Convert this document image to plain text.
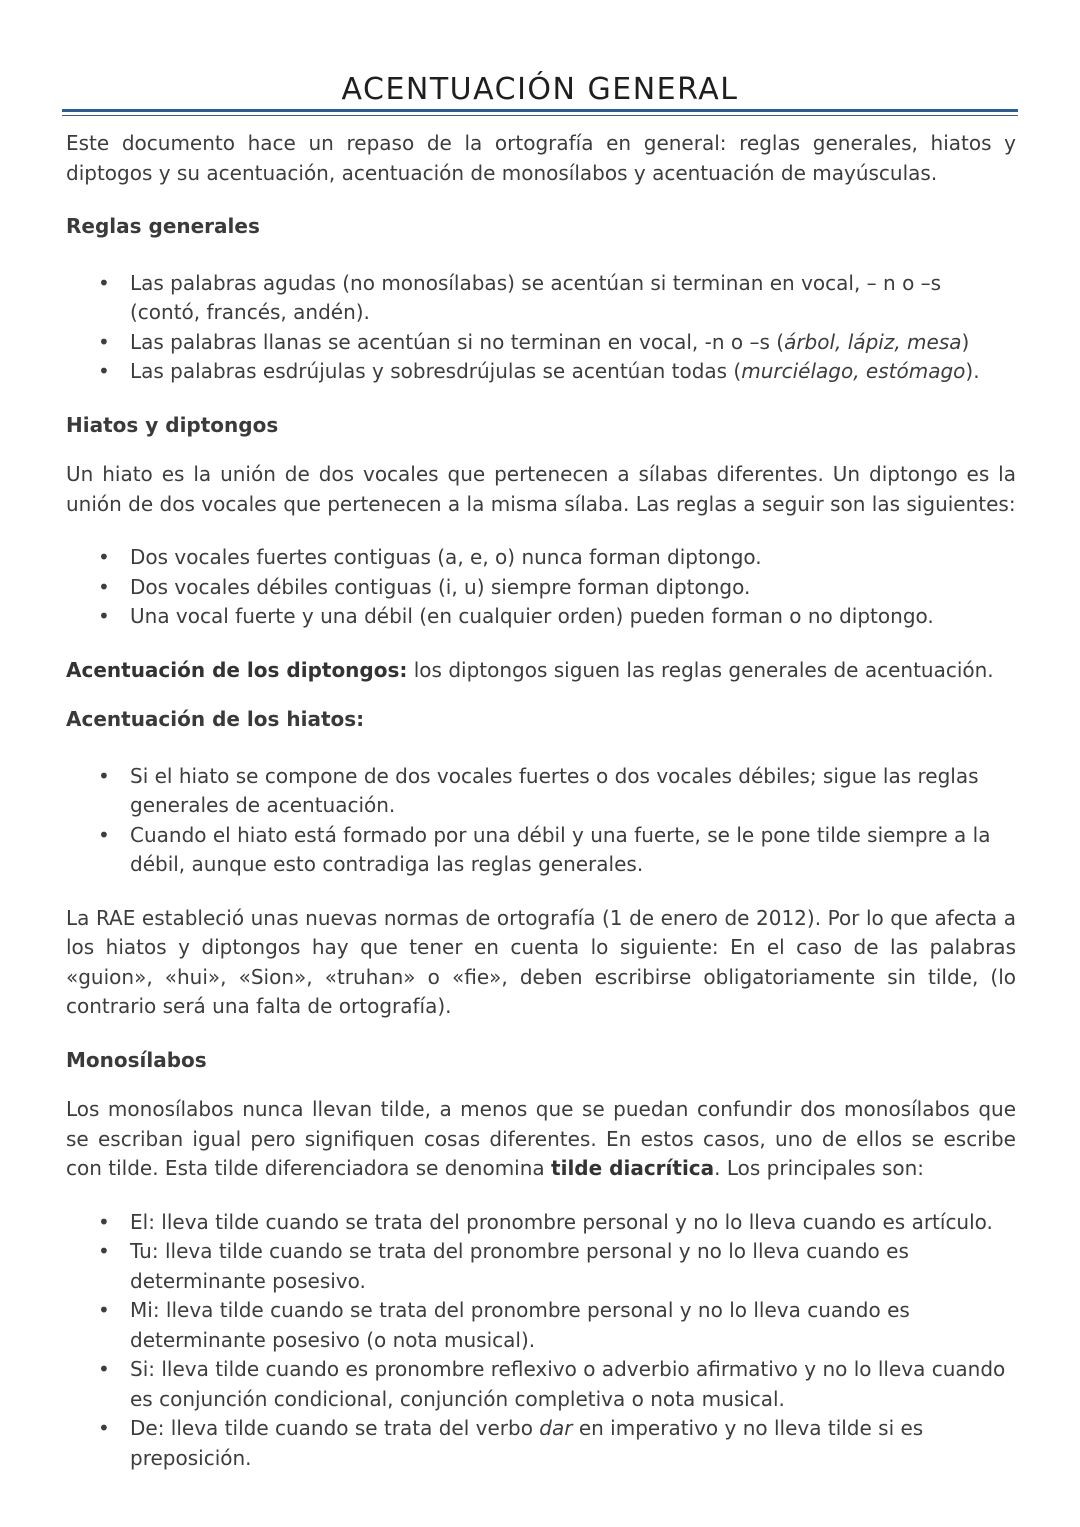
ACENTUACIÓN GENERAL

Este documento hace un repaso de la ortografía en general: reglas generales, hiatos y diptogos y su acentuación, acentuación de monosílabos y acentuación de mayúsculas.

Reglas generales

• Las palabras agudas (no monosílabas) se acentúan si terminan en vocal, – n o –s (contó, francés, andén).
• Las palabras llanas se acentúan si no terminan en vocal, -n o –s (árbol, lápiz, mesa)
• Las palabras esdrújulas y sobresdrújulas se acentúan todas (murciélago, estómago).

Hiatos y diptongos

Un hiato es la unión de dos vocales que pertenecen a sílabas diferentes. Un diptongo es la unión de dos vocales que pertenecen a la misma sílaba. Las reglas a seguir son las siguientes:

• Dos vocales fuertes contiguas (a, e, o) nunca forman diptongo.
• Dos vocales débiles contiguas (i, u) siempre forman diptongo.
• Una vocal fuerte y una débil (en cualquier orden) pueden forman o no diptongo.

Acentuación de los diptongos: los diptongos siguen las reglas generales de acentuación.

Acentuación de los hiatos:

• Si el hiato se compone de dos vocales fuertes o dos vocales débiles; sigue las reglas generales de acentuación.
• Cuando el hiato está formado por una débil y una fuerte, se le pone tilde siempre a la débil, aunque esto contradiga las reglas generales.

La RAE estableció unas nuevas normas de ortografía (1 de enero de 2012). Por lo que afecta a los hiatos y diptongos hay que tener en cuenta lo siguiente: En el caso de las palabras «guion», «hui», «Sion», «truhan» o «fie», deben escribirse obligatoriamente sin tilde, (lo contrario será una falta de ortografía).

Monosílabos

Los monosílabos nunca llevan tilde, a menos que se puedan confundir dos monosílabos que se escriban igual pero signifiquen cosas diferentes. En estos casos, uno de ellos se escribe con tilde. Esta tilde diferenciadora se denomina tilde diacrítica. Los principales son:

• El: lleva tilde cuando se trata del pronombre personal y no lo lleva cuando es artículo.
• Tu: lleva tilde cuando se trata del pronombre personal y no lo lleva cuando es determinante posesivo.
• Mi: lleva tilde cuando se trata del pronombre personal y no lo lleva cuando es determinante posesivo (o nota musical).
• Si: lleva tilde cuando es pronombre reflexivo o adverbio afirmativo y no lo lleva cuando es conjunción condicional, conjunción completiva o nota musical.
• De: lleva tilde cuando se trata del verbo dar en imperativo y no lleva tilde si es preposición.
